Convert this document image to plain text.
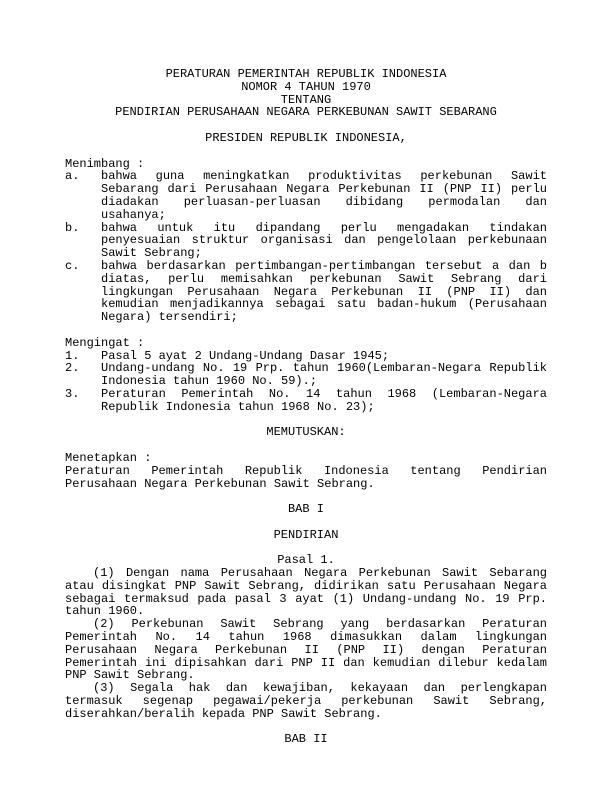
PERATURAN PEMERINTAH REPUBLIK INDONESIA
NOMOR 4 TAHUN 1970
TENTANG
PENDIRIAN PERUSAHAAN NEGARA PERKEBUNAN SAWIT SEBARANG
PRESIDEN REPUBLIK INDONESIA,
Menimbang :
a. bahwa guna meningkatkan produktivitas perkebunan Sawit Sebarang dari Perusahaan Negara Perkebunan II (PNP II) perlu diadakan perluasan-perluasan dibidang permodalan dan usahanya;
b. bahwa untuk itu dipandang perlu mengadakan tindakan penyesuaian struktur organisasi dan pengelolaan perkebunaan Sawit Sebrang;
c. bahwa berdasarkan pertimbangan-pertimbangan tersebut a dan b diatas, perlu memisahkan perkebunan Sawit Sebrang dari lingkungan Perusahaan Negara Perkebunan II (PNP II) dan kemudian menjadikannya sebagai satu badan-hukum (Perusahaan Negara) tersendiri;
Mengingat :
1. Pasal 5 ayat 2 Undang-Undang Dasar 1945;
2. Undang-undang No. 19 Prp. tahun 1960(Lembaran-Negara Republik Indonesia tahun 1960 No. 59).;
3. Peraturan Pemerintah No. 14 tahun 1968 (Lembaran-Negara Republik Indonesia tahun 1968 No. 23);
MEMUTUSKAN:
Menetapkan :
Peraturan Pemerintah Republik Indonesia tentang Pendirian Perusahaan Negara Perkebunan Sawit Sebrang.
BAB I
PENDIRIAN
Pasal 1.
(1) Dengan nama Perusahaan Negara Perkebunan Sawit Sebarang atau disingkat PNP Sawit Sebrang, didirikan satu Perusahaan Negara sebagai termaksud pada pasal 3 ayat (1) Undang-undang No. 19 Prp. tahun 1960.
(2) Perkebunan Sawit Sebrang yang berdasarkan Peraturan Pemerintah No. 14 tahun 1968 dimasukkan dalam lingkungan Perusahaan Negara Perkebunan II (PNP II) dengan Peraturan Pemerintah ini dipisahkan dari PNP II dan kemudian dilebur kedalam PNP Sawit Sebrang.
(3) Segala hak dan kewajiban, kekayaan dan perlengkapan termasuk segenap pegawai/pekerja perkebunan Sawit Sebrang, diserahkan/beralih kepada PNP Sawit Sebrang.
BAB II
